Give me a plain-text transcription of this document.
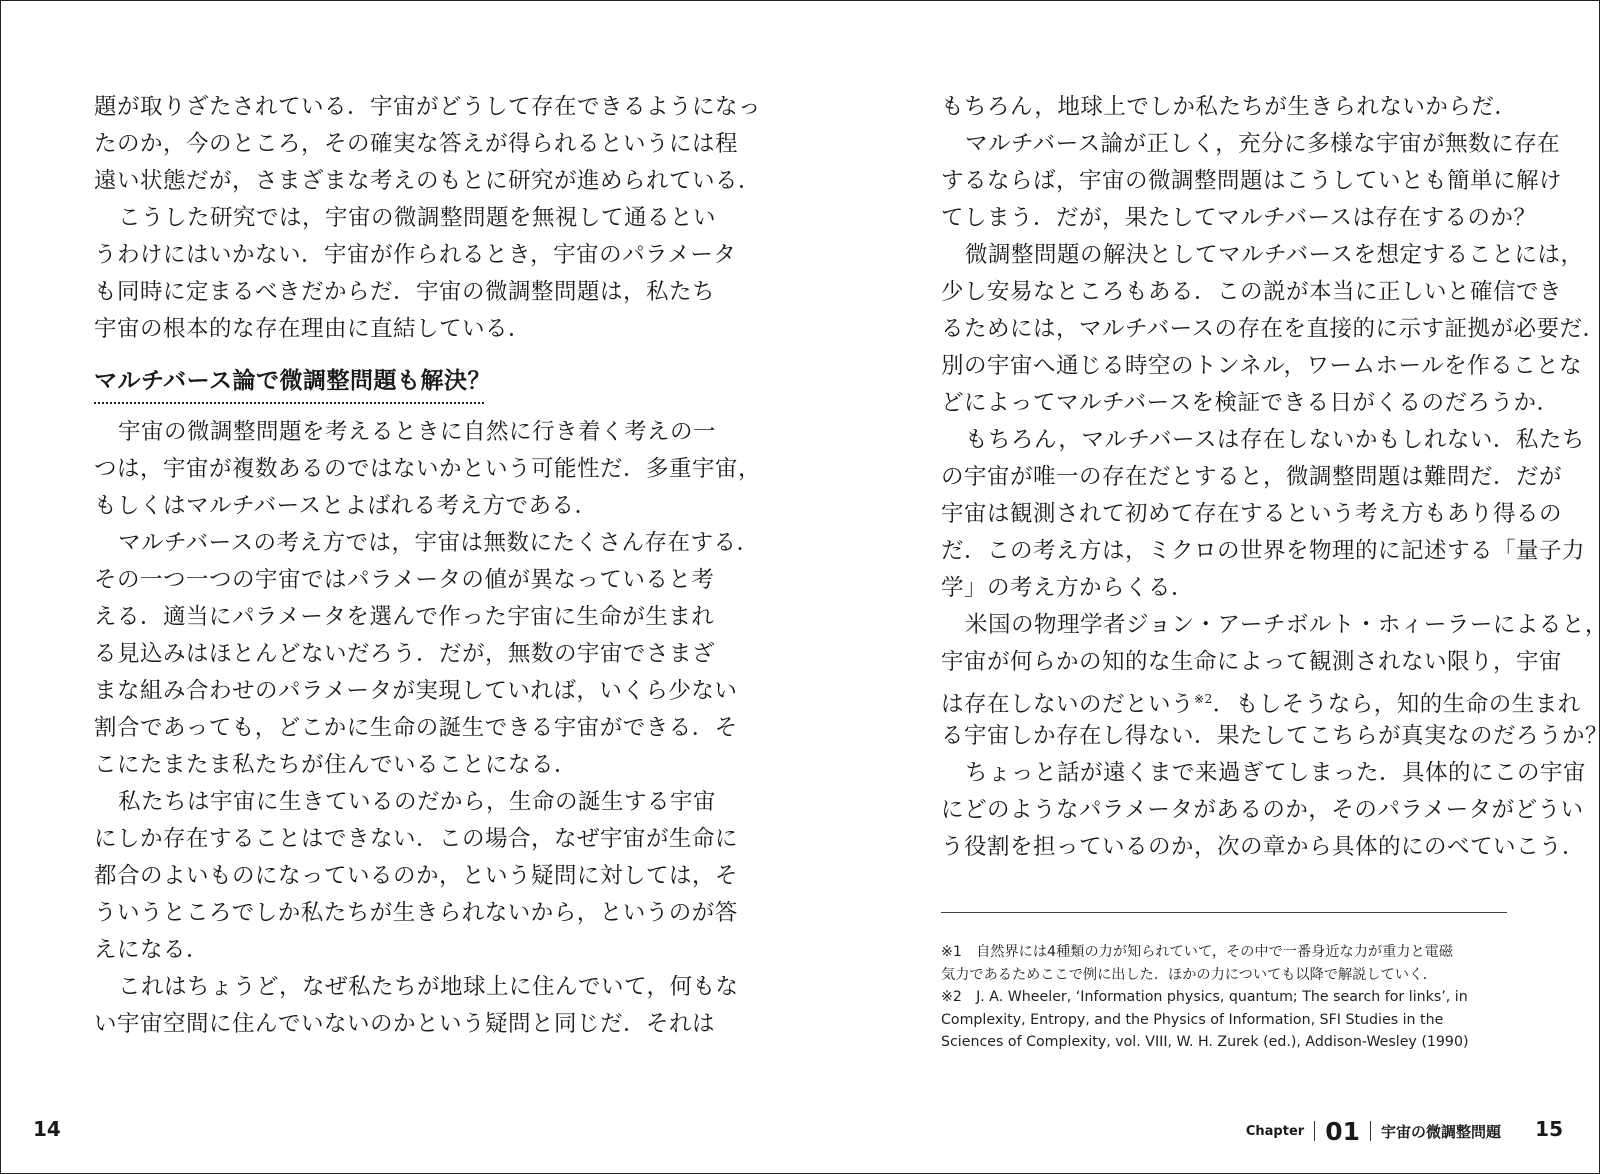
題が取りざたされている．宇宙がどうして存在できるようになっ
たのか，今のところ，その確実な答えが得られるというには程
遠い状態だが，さまざまな考えのもとに研究が進められている．
こうした研究では，宇宙の微調整問題を無視して通るとい
うわけにはいかない．宇宙が作られるとき，宇宙のパラメータ
も同時に定まるべきだからだ．宇宙の微調整問題は，私たち
宇宙の根本的な存在理由に直結している．
マルチバース論で微調整問題も解決？
宇宙の微調整問題を考えるときに自然に行き着く考えの一
つは，宇宙が複数あるのではないかという可能性だ．多重宇宙，
もしくはマルチバースとよばれる考え方である．
マルチバースの考え方では，宇宙は無数にたくさん存在する．
その一つ一つの宇宙ではパラメータの値が異なっていると考
える．適当にパラメータを選んで作った宇宙に生命が生まれ
る見込みはほとんどないだろう．だが，無数の宇宙でさまざ
まな組み合わせのパラメータが実現していれば，いくら少ない
割合であっても，どこかに生命の誕生できる宇宙ができる．そ
こにたまたま私たちが住んでいることになる．
私たちは宇宙に生きているのだから，生命の誕生する宇宙
にしか存在することはできない．この場合，なぜ宇宙が生命に
都合のよいものになっているのか，という疑問に対しては，そ
ういうところでしか私たちが生きられないから，というのが答
えになる．
これはちょうど，なぜ私たちが地球上に住んでいて，何もな
い宇宙空間に住んでいないのかという疑問と同じだ．それは
14
もちろん，地球上でしか私たちが生きられないからだ．
マルチバース論が正しく，充分に多様な宇宙が無数に存在
するならば，宇宙の微調整問題はこうしていとも簡単に解け
てしまう．だが，果たしてマルチバースは存在するのか？
微調整問題の解決としてマルチバースを想定することには，
少し安易なところもある．この説が本当に正しいと確信でき
るためには，マルチバースの存在を直接的に示す証拠が必要だ．
別の宇宙へ通じる時空のトンネル，ワームホールを作ることな
どによってマルチバースを検証できる日がくるのだろうか．
もちろん，マルチバースは存在しないかもしれない．私たち
の宇宙が唯一の存在だとすると，微調整問題は難問だ．だが
宇宙は観測されて初めて存在するという考え方もあり得るの
だ．この考え方は，ミクロの世界を物理的に記述する「量子力
学」の考え方からくる．
米国の物理学者ジョン・アーチボルト・ホィーラーによると，
宇宙が何らかの知的な生命によって観測されない限り，宇宙
は存在しないのだという$^{※2}$．もしそうなら，知的生命の生まれ
る宇宙しか存在し得ない．果たしてこちらが真実なのだろうか？
ちょっと話が遠くまで来過ぎてしまった．具体的にこの宇宙
にどのようなパラメータがあるのか，そのパラメータがどうい
う役割を担っているのか，次の章から具体的にのべていこう．
※1　自然界には4種類の力が知られていて，その中で一番身近な力が重力と電磁
気力であるためここで例に出した．ほかの力についても以降で解説していく．
※2　J. A. Wheeler, ‘Information physics, quantum; The search for links’, in
Complexity, Entropy, and the Physics of Information, SFI Studies in the
Sciences of Complexity, vol. VIII, W. H. Zurek (ed.), Addison-Wesley (1990)
Chapter 01 宇宙の微調整問題 15
